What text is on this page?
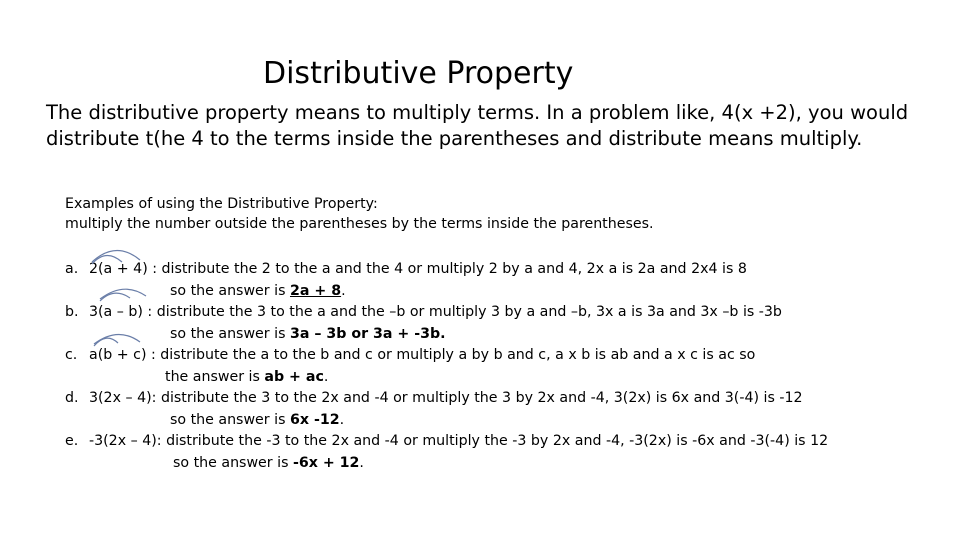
Distributive Property
The distributive property means to multiply terms. In a problem like, 4(x +2), you would distribute t(he 4 to the terms inside the parentheses and distribute means multiply.
Examples of using the Distributive Property:
multiply the number outside the parentheses by the terms inside the parentheses.
a. 2(a + 4) : distribute the 2 to the a and the 4 or multiply 2 by a and 4, 2x a is 2a and 2x4 is 8
so the answer is 2a + 8.
b. 3(a – b) : distribute the 3 to the a and the –b or multiply 3 by a and –b, 3x a is 3a and 3x –b is -3b
so the answer is 3a – 3b or 3a + -3b.
c. a(b + c) : distribute the a to the b and c or multiply a by b and c, a x b is ab and a x c is ac so
the answer is ab + ac.
d. 3(2x – 4): distribute the 3 to the 2x and -4 or multiply the 3 by 2x and -4, 3(2x) is 6x and 3(-4) is -12
so the answer is 6x -12.
e. -3(2x – 4): distribute the -3 to the 2x and -4 or multiply the -3 by 2x and -4, -3(2x) is -6x and -3(-4) is 12
so the answer is -6x + 12.
